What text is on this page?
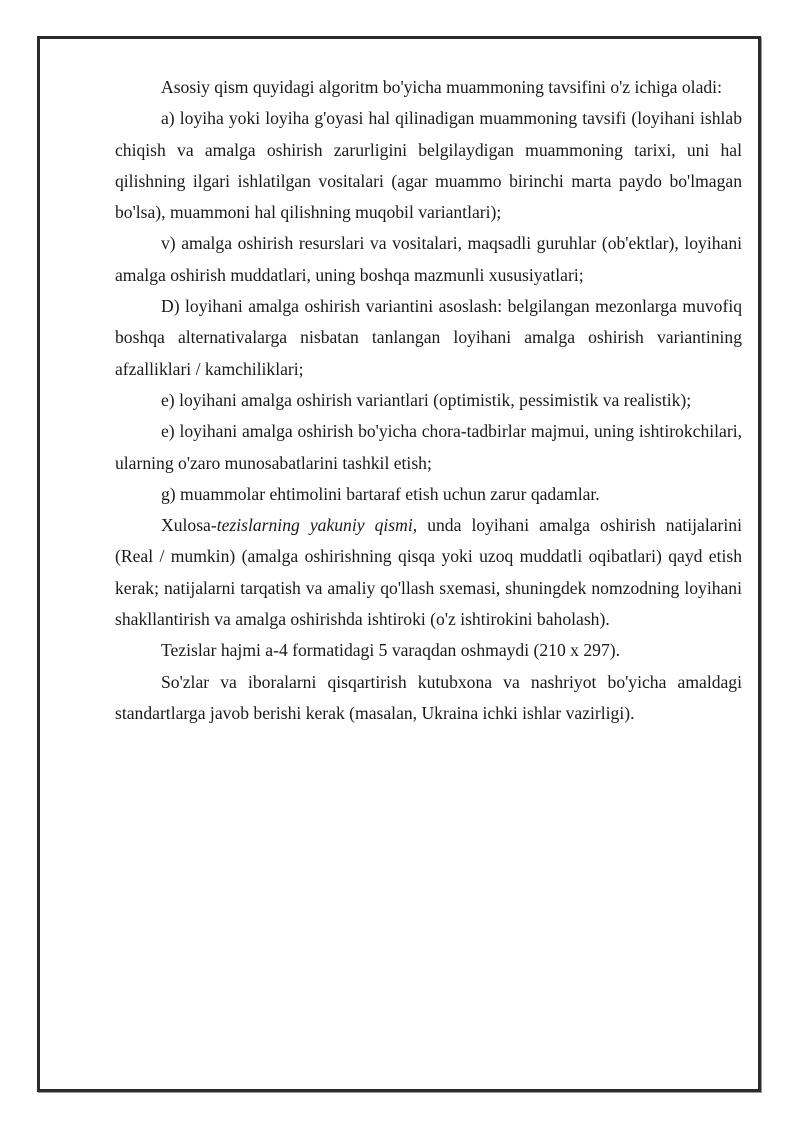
Asosiy qism quyidagi algoritm bo'yicha muammoning tavsifini o'z ichiga oladi:

a) loyiha yoki loyiha g'oyasi hal qilinadigan muammoning tavsifi (loyihani ishlab chiqish va amalga oshirish zarurligini belgilaydigan muammoning tarixi, uni hal qilishning ilgari ishlatilgan vositalari (agar muammo birinchi marta paydo bo'lmagan bo'lsa), muammoni hal qilishning muqobil variantlari);

v) amalga oshirish resurslari va vositalari, maqsadli guruhlar (ob'ektlar), loyihani amalga oshirish muddatlari, uning boshqa mazmunli xususiyatlari;

D) loyihani amalga oshirish variantini asoslash: belgilangan mezonlarga muvofiq boshqa alternativalarga nisbatan tanlangan loyihani amalga oshirish variantining afzalliklari / kamchiliklari;

e) loyihani amalga oshirish variantlari (optimistik, pessimistik va realistik);

e) loyihani amalga oshirish bo'yicha chora-tadbirlar majmui, uning ishtirokchilari, ularning o'zaro munosabatlarini tashkil etish;

g) muammolar ehtimolini bartaraf etish uchun zarur qadamlar.

Xulosa-tezislarning yakuniy qismi, unda loyihani amalga oshirish natijalarini (Real / mumkin) (amalga oshirishning qisqa yoki uzoq muddatli oqibatlari) qayd etish kerak; natijalarni tarqatish va amaliy qo'llash sxemasi, shuningdek nomzodning loyihani shakllantirish va amalga oshirishda ishtiroki (o'z ishtirokini baholash).

Tezislar hajmi a-4 formatidagi 5 varaqdan oshmaydi (210 x 297).

So'zlar va iboralarni qisqartirish kutubxona va nashriyot bo'yicha amaldagi standartlarga javob berishi kerak (masalan, Ukraina ichki ishlar vazirligi).
